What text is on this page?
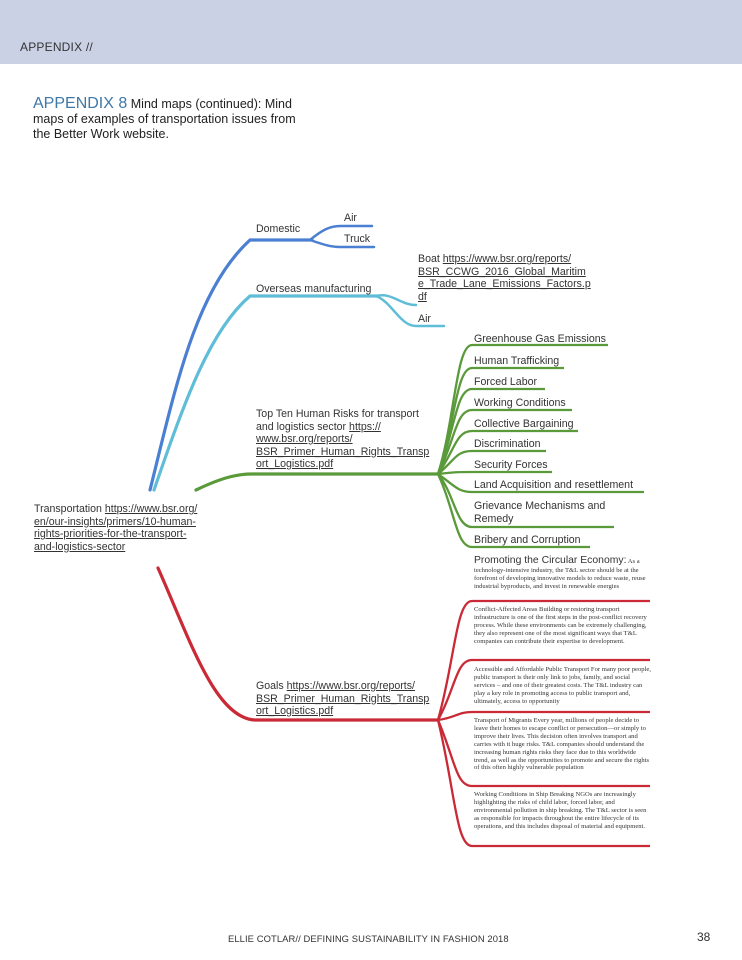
APPENDIX //
APPENDIX 8 Mind maps (continued): Mind maps of examples of transportation issues from the Better Work website.
Transportation https://www.bsr.org/
en/our-insights/primers/10-human-
rights-priorities-for-the-transport-
and-logistics-sector
Domestic
Air
Truck
Overseas manufacturing
Boat https://www.bsr.org/reports/
BSR_CCWG_2016_Global_Maritim
e_Trade_Lane_Emissions_Factors.p
df
Air
Top Ten Human Risks for transport
and logistics sector https://
www.bsr.org/reports/
BSR_Primer_Human_Rights_Transp
ort_Logistics.pdf
Greenhouse Gas Emissions
Human Trafficking
Forced Labor
Working Conditions
Collective Bargaining
Discrimination
Security Forces
Land Acquisition and resettlement
Grievance Mechanisms and Remedy
Bribery and Corruption
Goals https://www.bsr.org/reports/
BSR_Primer_Human_Rights_Transp
ort_Logistics.pdf
Promoting the Circular Economy: As a technology-intensive industry, the T&L sector should be at the forefront of developing innovative models to reduce waste, reuse industrial byproducts, and invest in renewable energies
Conflict-Affected Areas Building or restoring transport infrastructure is one of the first steps in the post-conflict recovery process. While these environments can be extremely challenging, they also represent one of the most significant ways that T&L companies can contribute their expertise to development.
Accessible and Affordable Public Transport For many poor people, public transport is their only link to jobs, family, and social services – and one of their greatest costs. The T&L industry can play a key role in promoting access to public transport and, ultimately, access to opportunity
Transport of Migrants Every year, millions of people decide to leave their homes to escape conflict or persecution—or simply to improve their lives. This decision often involves transport and carries with it huge risks. T&L companies should understand the increasing human rights risks they face due to this worldwide trend, as well as the opportunities to promote and secure the rights of this often highly vulnerable population
Working Conditions in Ship Breaking NGOs are increasingly highlighting the risks of child labor, forced labor, and environmental pollution in ship breaking. The T&L sector is seen as responsible for impacts throughout the entire lifecycle of its operations, and this includes disposal of material and equipment.
ELLIE COTLAR// DEFINING SUSTAINABILITY IN FASHION 2018	38
